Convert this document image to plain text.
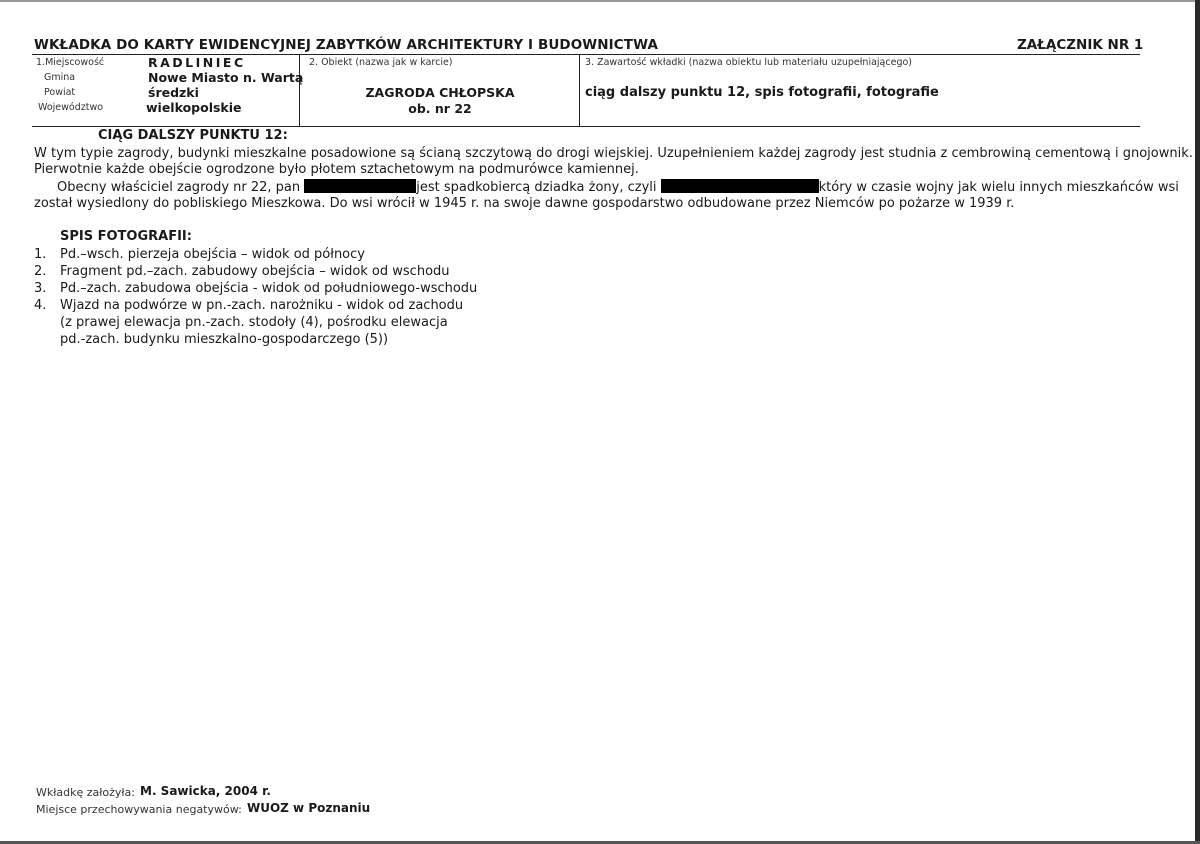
WKŁADKA DO KARTY EWIDENCYJNEJ ZABYTKÓW ARCHITEKTURY I BUDOWNICTWA	ZAŁĄCZNIK NR 1
1.Miejscowość	RADLINIEC
Gmina	Nowe Miasto n. Wartą
Powiat	średzki
Województwo	wielkopolskie
2. Obiekt (nazwa jak w karcie)
ZAGRODA CHŁOPSKA
ob. nr 22
3. Zawartość wkładki (nazwa obiektu lub materiału uzupełniającego)
ciąg dalszy punktu 12, spis fotografii, fotografie
CIĄG DALSZY PUNKTU 12:
W tym typie zagrody, budynki mieszkalne posadowione są ścianą szczytową do drogi wiejskiej. Uzupełnieniem każdej zagrody jest studnia z cembrowiną cementową i gnojownik.
Pierwotnie każde obejście ogrodzone było płotem sztachetowym na podmurówce kamiennej.
Obecny właściciel zagrody nr 22, pan	jest spadkobiercą dziadka żony, czyli	który w czasie wojny jak wielu innych mieszkańców wsi
został wysiedlony do pobliskiego Mieszkowa. Do wsi wrócił w 1945 r. na swoje dawne gospodarstwo odbudowane przez Niemców po pożarze w 1939 r.
SPIS FOTOGRAFII:
1. Pd.–wsch. pierzeja obejścia – widok od północy
2. Fragment pd.–zach. zabudowy obejścia – widok od wschodu
3. Pd.–zach. zabudowa obejścia - widok od południowego-wschodu
4. Wjazd na podwórze w pn.-zach. narożniku - widok od zachodu
(z prawej elewacja pn.-zach. stodoły (4), pośrodku elewacja
pd.-zach. budynku mieszkalno-gospodarczego (5))
Wkładkę założyła: M. Sawicka, 2004 r.
Miejsce przechowywania negatywów: WUOZ w Poznaniu
